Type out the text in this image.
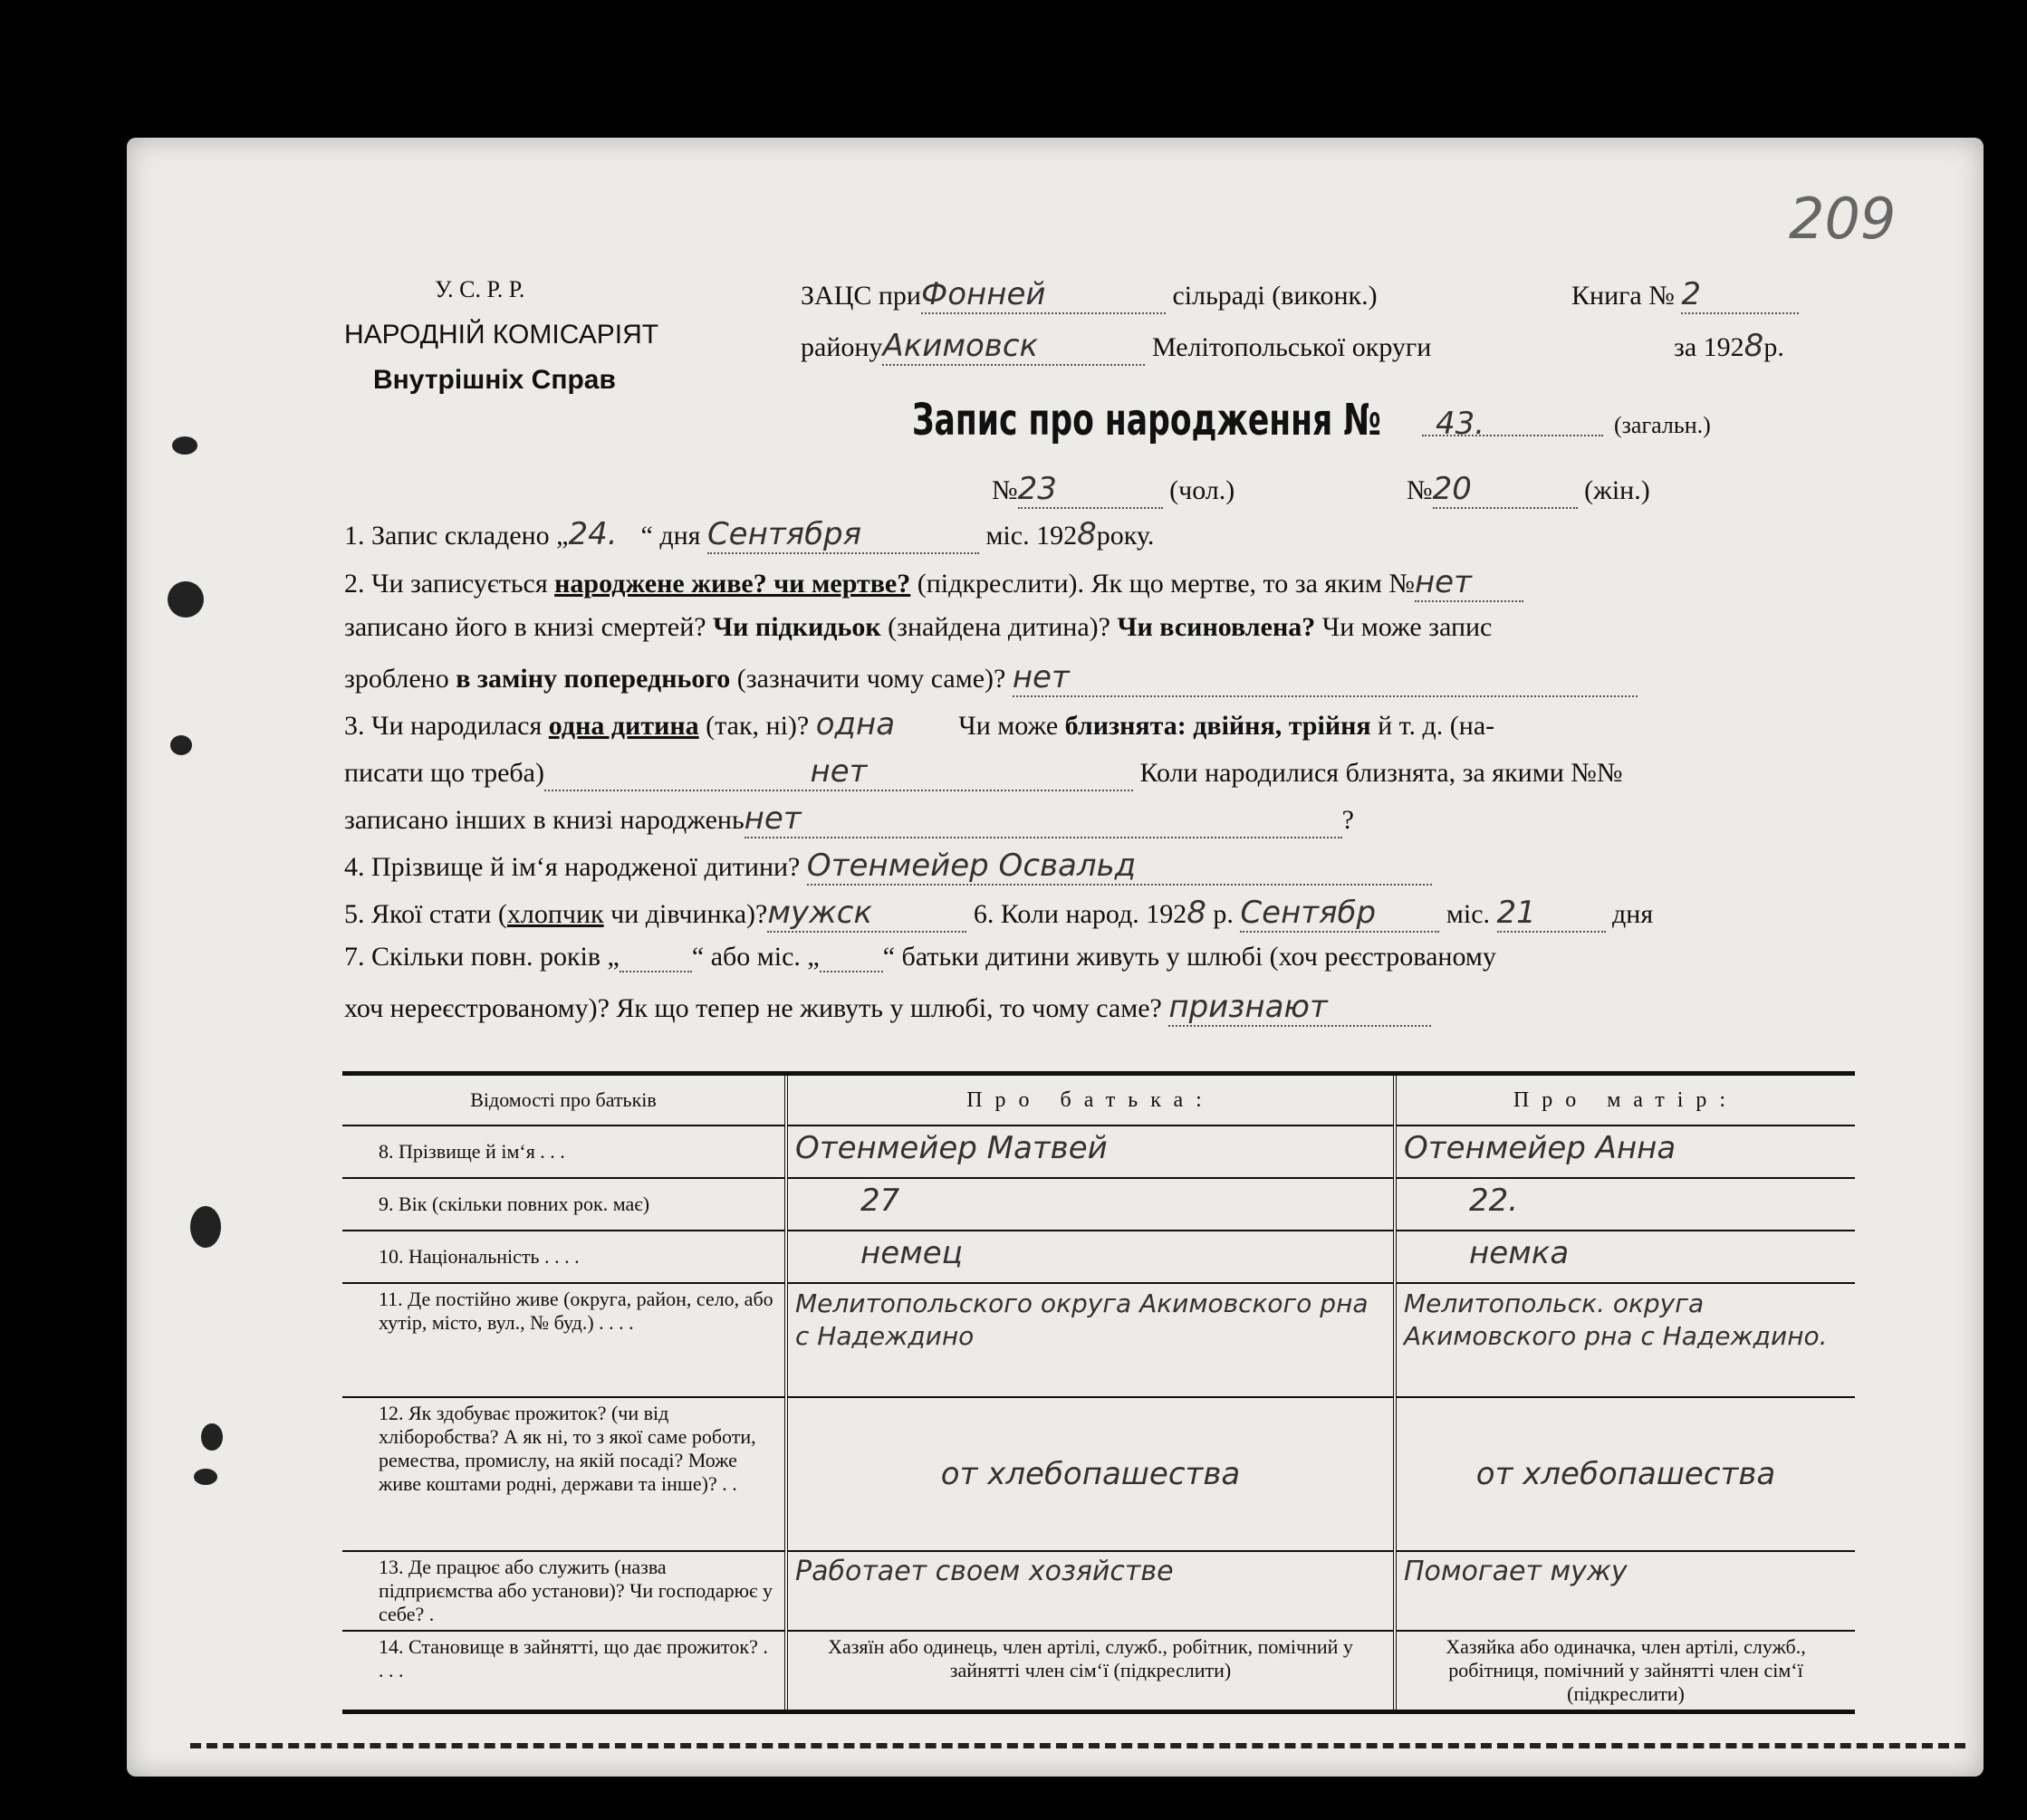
209
У. С. Р. Р.
НАРОДНІЙ КОМІСАРІЯТ
Внутрішніх Справ
ЗАЦС приФонней	сільраді (виконк.)	Книга № 2
районуАкимовск	Мелітопольської округи	за 1928р.
Запис про народження № 43.	(загальн.)
№23	(чол.)	№20	(жін.)
1. Запис складено „24. “ дня Сентября	міс. 1928року.
2. Чи записується народжене живе? чи мертве? (підкреслити). Як що мертве, то за яким №нет
записано його в книзі смертей? Чи підкидьок (знайдена дитина)? Чи всиновлена? Чи може запис
зроблено в заміну попереднього (зазначити чому саме)? нет
3. Чи народилася одна дитина (так, ні)? одна Чи може близнята: двійня, трійня й т. д. (на-
писати що треба)	нет	Коли народилися близнята, за якими №№
записано інших в книзі народженьнет	?
4. Прізвище й ім‘я народженої дитини? Отенмейер Освальд
5. Якої стати (хлопчик чи дівчинка)?мужск	6. Коли народ. 1928 р. Сентябр	міс. 21	дня
7. Скільки повн. років „	“ або міс. „ “ батьки дитини живуть у шлюбі (хоч реєстрованому
хоч нереєстрованому)? Як що тепер не живуть у шлюбі, то чому саме? признают
Відомості про батьків	Про батька:	Про матір:
8. Прізвище й ім‘я . . .	Отенмейер Матвей	Отенмейер Анна
9. Вік (скільки повних рок. має)	27	22.
10. Національність . . . .	немец	немка
11. Де постійно живе (округа, район, село, або хутір, місто, вул., № буд.) . . . .	Мелитопольского округа Акимовского рна с Надеждино	Мелитопольск. округа Акимовского рна с Надеждино.
12. Як здобуває прожиток? (чи від хліборобства? А як ні, то з якої саме роботи, ремества, промислу, на якій посаді? Може живе коштами родні, держави та інше)? . .	от хлебопашества	от хлебопашества
13. Де працює або служить (назва підприємства або установи)? Чи господарює у себе? .	Работает своем хозяйстве	Помогает мужу
14. Становище в зайнятті, що дає прожиток? . . . .	Хазяїн або одинець, член артілі, служб., робітник, помічний у зайнятті член сім‘ї (підкреслити)	Хазяйка або одиначка, член артілі, служб., робітниця, помічний у зайнятті член сім‘ї (підкреслити)
